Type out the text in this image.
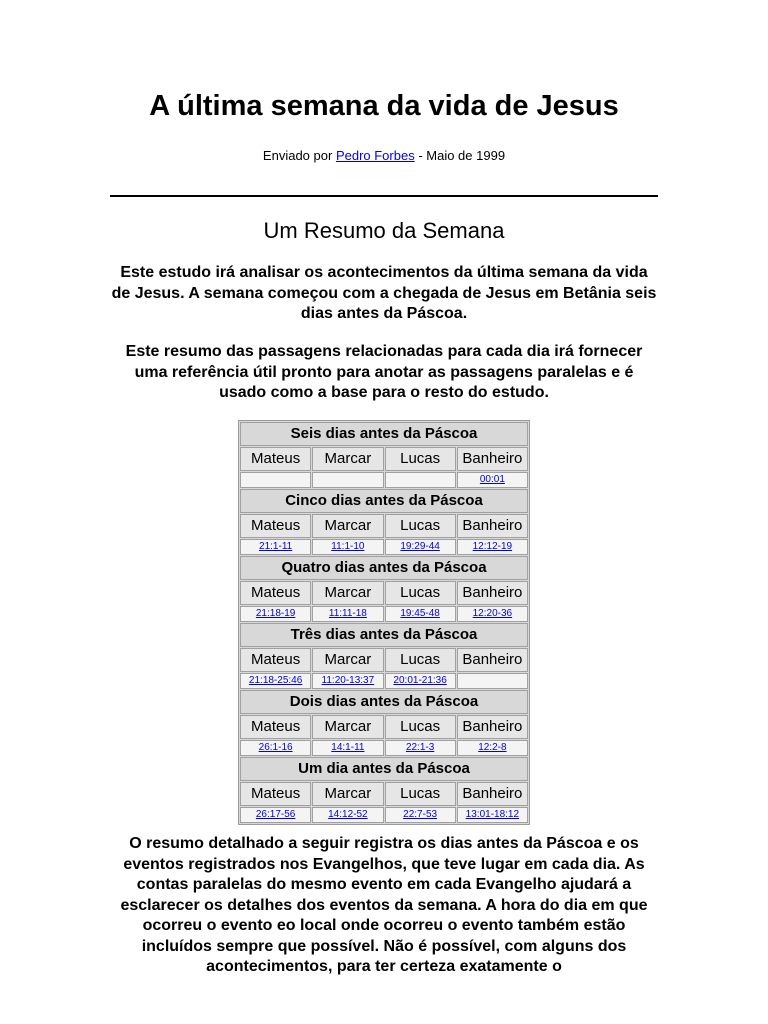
A última semana da vida de Jesus
Enviado por Pedro Forbes - Maio de 1999
Um Resumo da Semana

Este estudo irá analisar os acontecimentos da última semana da vida de Jesus. A semana começou com a chegada de Jesus em Betânia seis dias antes da Páscoa.

Este resumo das passagens relacionadas para cada dia irá fornecer uma referência útil pronto para anotar as passagens paralelas e é usado como a base para o resto do estudo.

Seis dias antes da Páscoa			
Mateus	Marcar	Lucas	Banheiro
			00:01
Cinco dias antes da Páscoa			
Mateus	Marcar	Lucas	Banheiro
21:1-11	11:1-10	19:29-44	12:12-19
Quatro dias antes da Páscoa			
Mateus	Marcar	Lucas	Banheiro
21:18-19	11:11-18	19:45-48	12:20-36
Três dias antes da Páscoa			
Mateus	Marcar	Lucas	Banheiro
21:18-25:46	11:20-13:37	20:01-21:36	
Dois dias antes da Páscoa			
Mateus	Marcar	Lucas	Banheiro
26:1-16	14:1-11	22:1-3	12:2-8
Um dia antes da Páscoa			
Mateus	Marcar	Lucas	Banheiro
26:17-56	14:12-52	22:7-53	13:01-18:12

O resumo detalhado a seguir registra os dias antes da Páscoa e os eventos registrados nos Evangelhos, que teve lugar em cada dia. As contas paralelas do mesmo evento em cada Evangelho ajudará a esclarecer os detalhes dos eventos da semana. A hora do dia em que ocorreu o evento eo local onde ocorreu o evento também estão incluídos sempre que possível. Não é possível, com alguns dos acontecimentos, para ter certeza exatamente o
